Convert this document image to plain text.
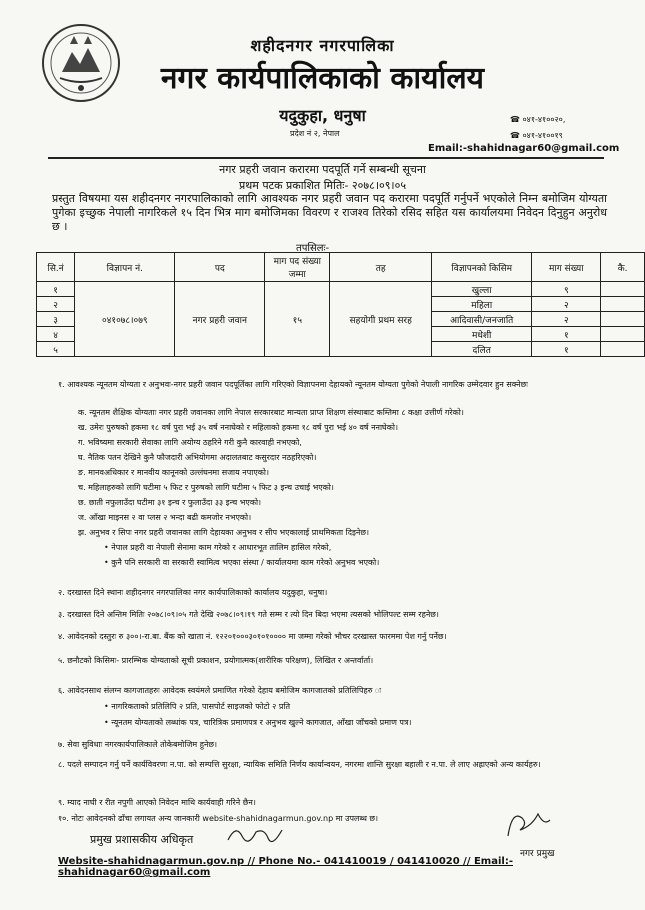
शहीदनगर नगरपालिका
नगर कार्यपालिकाको कार्यालय
यदुकुहा, धनुषा
प्रदेश नं २, नेपाल
☎ ०४१-४१००२०,
☎ ०४१-४१००१९
Email:-shahidnagar60@gmail.com
नगर प्रहरी जवान करारमा पदपूर्ति गर्ने सम्बन्धी सूचना
प्रथम पटक प्रकाशित मितिः- २०७८।०९।०५
प्रस्तुत विषयमा यस शहीदनगर नगरपालिकाको लागि आवश्यक नगर प्रहरी जवान पद करारमा पदपूर्ति गर्नुपर्ने भएकोले निम्न बमोजिम योग्यता पुगेका इच्छुक नेपाली नागरिकले १५ दिन भित्र माग बमोजिमका विवरण र राजश्व तिरेको रसिद सहित यस कार्यालयमा निवेदन दिनुहुन अनुरोध छ ।
तपसिलः-
सि.नं	विज्ञापन नं.	पद	माग पद संख्या जम्मा	तह	विज्ञापनको किसिम	माग संख्या	कै.
१	०४१०७८।०७९	नगर प्रहरी जवान	१५	सहयोगी प्रथम सरह	खुल्ला	९	
२					महिला	२	
३					आदिवासी/जनजाति	२	
४					मधेशी	१	
५					दलित	१	
१. आवश्यक न्यूनतम योग्यता र अनुभवः-नगर प्रहरी जवान पदपूर्तिका लागि गरिएको विज्ञापनमा देहायको न्यूनतम योग्यता पुगेको नेपाली नागरिक उम्मेदवार हुन सक्नेछः
क. न्यूनतम शैक्षिक योग्यताः नगर प्रहरी जवानका लागि नेपाल सरकारबाट मान्यता प्राप्त शिक्षण संस्थाबाट कम्तिमा ८ कक्षा उत्तीर्ण गरेको।
ख. उमेरः पुरुषको हकमा १८ वर्ष पुरा भई ३५ वर्ष ननाघेको र महिलाको हकमा १८ वर्ष पुरा भई ४० वर्ष ननाघेको।
ग. भविष्यमा सरकारी सेवाका लागि अयोग्य ठहरिने गरी कुनै कारवाही नभएको,
घ. नैतिक पतन देखिने कुनै फौजदारी अभियोगमा अदालतबाट कसुरदार नठहरिएको।
ङ. मानवअधिकार र मानवीय कानूनको उल्लंघनमा सजाय नपाएको।
च. महिलाहरुको लागि घटीमा ५ फिट र पुरुषको लागि घटीमा ५ फिट ३ इन्च उचाई भएको।
छ. छाती नफुलाउँदा घटीमा ३१ इन्च र फुलाउँदा ३३ इन्च भएको।
ज. आँखा माइनस २ वा प्लस २ भन्दा बढी कमजोर नभएको।
झ. अनुभव र सिपः नगर प्रहरी जवानका लागि देहायका अनुभव र सीप भएकालाई प्राथमिकता दिइनेछ।
• नेपाल प्रहरी वा नेपाली सेनामा काम गरेको र आधारभूत तालिम हासिल गरेको,
• कुनै पनि सरकारी वा सरकारी स्वामित्व भएका संस्था / कार्यालयमा काम गरेको अनुभव भएको।
२. दरखास्त दिने स्थानः शहीदनगर नगरपालिका नगर कार्यपालिकाको कार्यालय यदुकुहा, धनुषा।
३. दरखास्त दिने अन्तिम मितिः २०७८।०९।०५ गते देखि २०७८।०९।१९ गते सम्म र त्यो दिन बिदा भएमा त्यसको भोलिपल्ट सम्म रहनेछ।
४. आवेदनको दस्तुरः रु ३००।-रा.बा. बैंक को खाता नं. १२२०१०००३०१०१०००० मा जम्मा गरेको भौचर दरखास्त फारममा पेश गर्नु पर्नेछ।
५. छनौटको किसिमः- प्रारम्भिक योग्यताको सूची प्रकाशन, प्रयोगात्मक(शारीरिक परिक्षण), लिखित र अन्तर्वार्ता।
६. आवेदनसाथ संलग्न कागजातहरुः आवेदक स्वयंमले प्रमाणित गरेको देहाय बमोजिम कागजातको प्रतिलिपिहरु ः
• नागरिकताको प्रतिलिपि २ प्रति, पासपोर्ट साइजको फोटो २ प्रति
• न्यूनतम योग्यताको लब्धांक पत्र, चारित्रिक प्रमाणपत्र र अनुभव खुल्ने कागजात, आँखा जाँचको प्रमाण पत्र।
७. सेवा सुविधाः नगरकार्यपालिकाले तोकेबमोजिम हुनेछ।
८. पदले सम्पादन गर्नु पर्ने कार्यविवरणः न.पा. को सम्पत्ति सुरक्षा, न्यायिक समिति निर्णय कार्यान्वयन, नगरमा शान्ति सुरक्षा बहाली र न.पा. ले लाए अह्राएको अन्य कार्यहरु।
९. म्याद नाघी र रीत नपुगी आएको निवेदन माथि कार्यवाही गरिने छैन।
१०. नोटः आवेदनको ढाँचा लगायत अन्य जानकारी website-shahidnagarmun.gov.np मा उपलब्ध छ।
प्रमुख प्रशासकीय अधिकृत
नगर प्रमुख
Website-shahidnagarmun.gov.np // Phone No.- 041410019 / 041410020 // Email:-shahidnagar60@gmail.com
